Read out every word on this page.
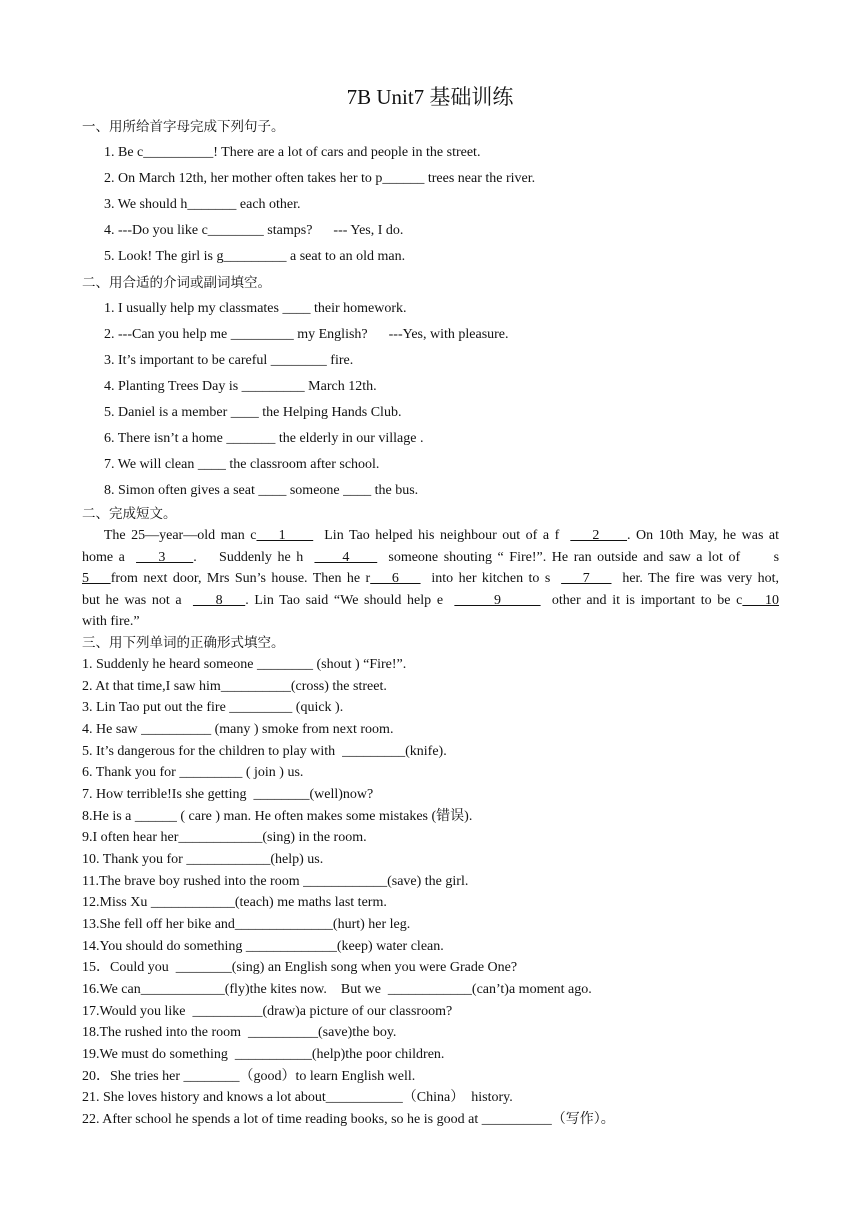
7B Unit7 基础训练
一、用所给首字母完成下列句子。
1. Be c__________! There are a lot of cars and people in the street.
2. On March 12th, her mother often takes her to p______ trees near the river.
3. We should h_______ each other.
4. ---Do you like c________ stamps?      --- Yes, I do.
5. Look! The girl is g_________ a seat to an old man.
二、用合适的介词或副词填空。
1. I usually help my classmates ____ their homework.
2. ---Can you help me _________ my English?      ---Yes, with pleasure.
3. It’s important to be careful ________ fire.
4. Planting Trees Day is _________ March 12th.
5. Daniel is a member ____ the Helping Hands Club.
6. There isn’t a home _______ the elderly in our village .
7. We will clean ____ the classroom after school.
8. Simon often gives a seat ____ someone ____ the bus.
二、完成短文。
The 25—year—old man c    1       Lin Tao helped his neighbour out of a f      2     . On 10th May, he was at
home a      3     .    Suddenly he h       4       someone shouting “ Fire!”. He ran outside and saw a lot of      s
5    from next door, Mrs Sun’s house. Then he r    6      into her kitchen to s      7      her. The fire was very hot,
but he was not a      8    . Lin Tao said “We should help e         9         other and it is important to be c    10
with fire.”
三、用下列单词的正确形式填空。
1. Suddenly he heard someone ________ (shout ) “Fire!”.
2. At that time,I saw him__________(cross) the street.
3. Lin Tao put out the fire _________ (quick ).
4. He saw __________ (many ) smoke from next room.
5. It’s dangerous for the children to play with  _________(knife).
6. Thank you for _________ ( join ) us.
7. How terrible!Is she getting  ________(well)now?
8.He is a ______ ( care ) man. He often makes some mistakes (错误).
9.I often hear her____________(sing) in the room.
10. Thank you for ____________(help) us.
11.The brave boy rushed into the room ____________(save) the girl.
12.Miss Xu ____________(teach) me maths last term.
13.She fell off her bike and______________(hurt) her leg.
14.You should do something _____________(keep) water clean.
15．Could you  ________(sing) an English song when you were Grade One?
16.We can____________(fly)the kites now.    But we  ____________(can’t)a moment ago.
17.Would you like  __________(draw)a picture of our classroom?
18.The rushed into the room  __________(save)the boy.
19.We must do something  ___________(help)the poor children.
20．She tries her ________（good）to learn English well.
21. She loves history and knows a lot about___________（China）  history.
22. After school he spends a lot of time reading books, so he is good at __________（写作）。
